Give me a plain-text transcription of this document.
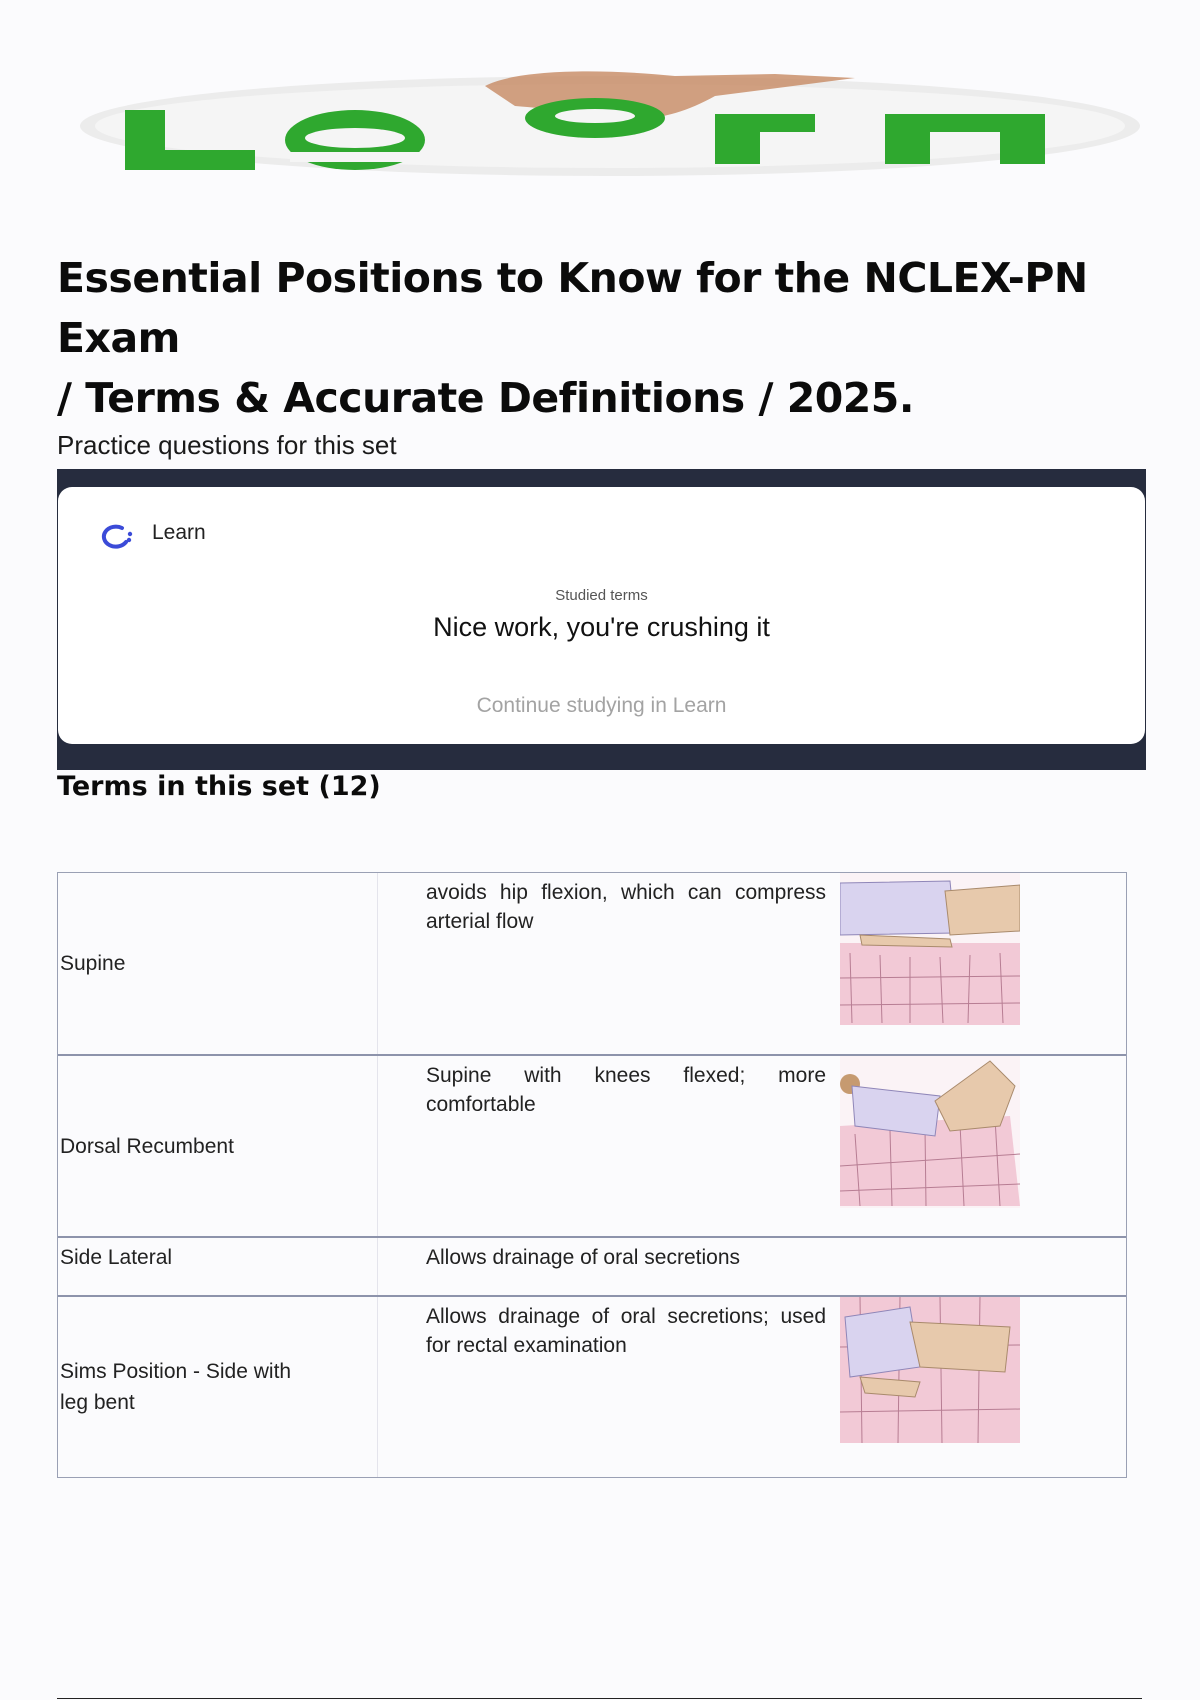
Essential Positions to Know for the NCLEX-PN Exam
/ Terms & Accurate Definitions / 2025.

Practice questions for this set

Learn
Studied terms
Nice work, you're crushing it
Continue studying in Learn
Terms in this set (12)
Supine
avoids hip flexion, which can compress arterial flow
Dorsal Recumbent
Supine with knees flexed; more comfortable
Side Lateral	Allows drainage of oral secretions
Sims Position - Side with leg bent
Allows drainage of oral secretions; used for rectal examination
